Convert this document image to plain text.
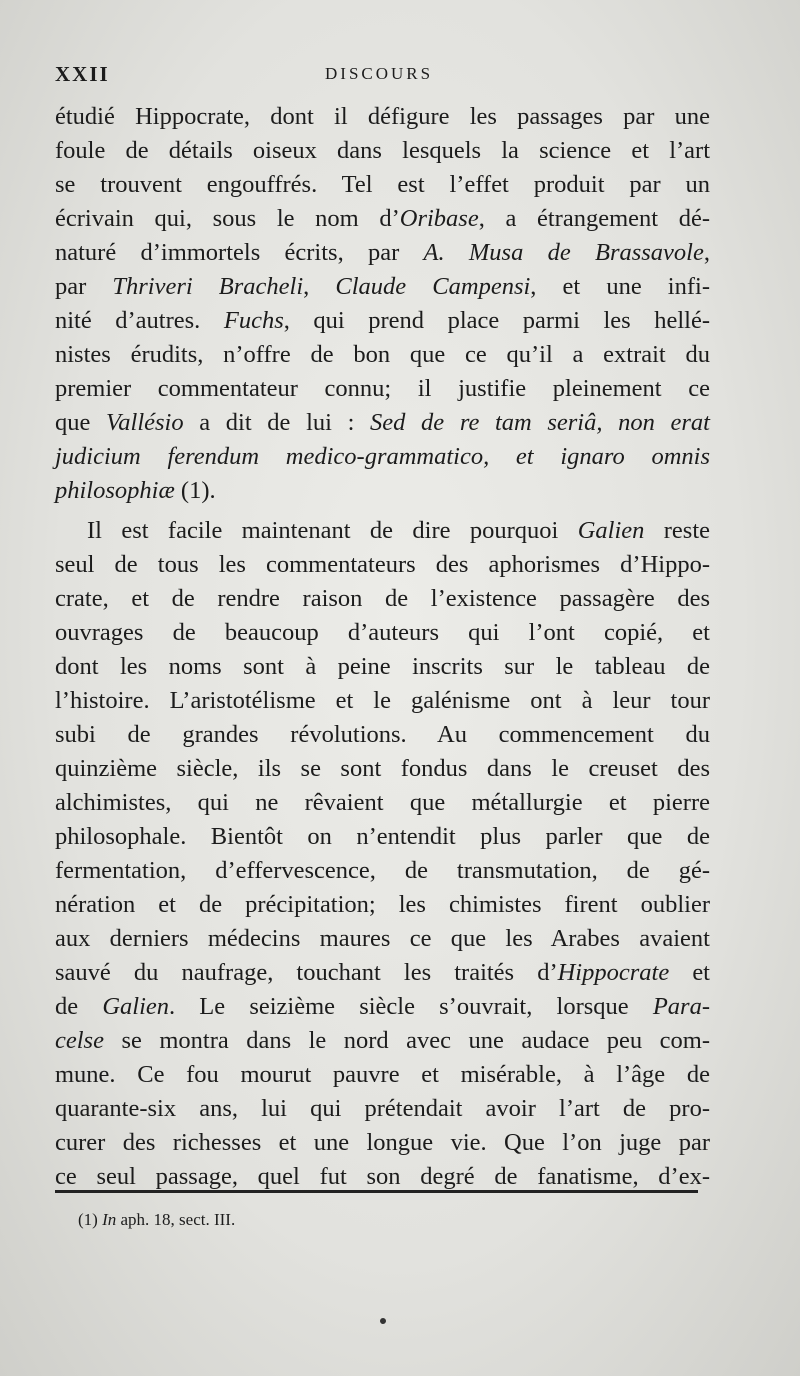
XXII	DISCOURS
étudié Hippocrate, dont il défigure les passages par une
foule de détails oiseux dans lesquels la science et l’art
se trouvent engouffrés. Tel est l’effet produit par un
écrivain qui, sous le nom d’Oribase, a étrangement dé-
naturé d’immortels écrits, par A. Musa de Brassavole,
par Thriveri Bracheli, Claude Campensi, et une infi-
nité d’autres. Fuchs, qui prend place parmi les hellé-
nistes érudits, n’offre de bon que ce qu’il a extrait du
premier commentateur connu; il justifie pleinement ce
que Vallésio a dit de lui : Sed de re tam seriâ, non erat
judicium ferendum medico-grammatico, et ignaro omnis
philosophiæ (1).
Il est facile maintenant de dire pourquoi Galien reste
seul de tous les commentateurs des aphorismes d’Hippo-
crate, et de rendre raison de l’existence passagère des
ouvrages de beaucoup d’auteurs qui l’ont copié, et
dont les noms sont à peine inscrits sur le tableau de
l’histoire. L’aristotélisme et le galénisme ont à leur tour
subi de grandes révolutions. Au commencement du
quinzième siècle, ils se sont fondus dans le creuset des
alchimistes, qui ne rêvaient que métallurgie et pierre
philosophale. Bientôt on n’entendit plus parler que de
fermentation, d’effervescence, de transmutation, de gé-
nération et de précipitation; les chimistes firent oublier
aux derniers médecins maures ce que les Arabes avaient
sauvé du naufrage, touchant les traités d’Hippocrate et
de Galien. Le seizième siècle s’ouvrait, lorsque Para-
celse se montra dans le nord avec une audace peu com-
mune. Ce fou mourut pauvre et misérable, à l’âge de
quarante-six ans, lui qui prétendait avoir l’art de pro-
curer des richesses et une longue vie. Que l’on juge par
ce seul passage, quel fut son degré de fanatisme, d’ex-
(1) In aph. 18, sect. III.
